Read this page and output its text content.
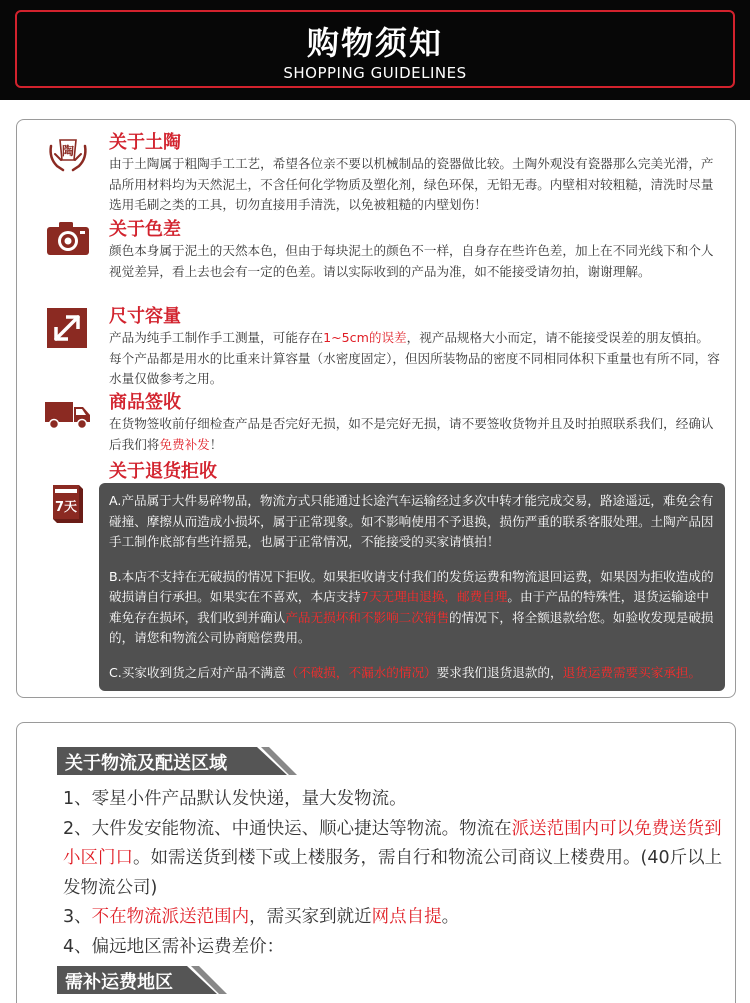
购物须知
SHOPPING GUIDELINES
陶 关于土陶
由于土陶属于粗陶手工工艺，希望各位亲不要以机械制品的瓷器做比较。土陶外观没有瓷器那么完美光滑，产品所用材料均为天然泥土，不含任何化学物质及塑化剂，绿色环保，无铅无毒。内壁相对较粗糙，清洗时尽量选用毛刷之类的工具，切勿直接用手清洗，以免被粗糙的内壁划伤！
关于色差
颜色本身属于泥土的天然本色，但由于每块泥土的颜色不一样，自身存在些许色差，加上在不同光线下和个人视觉差异，看上去也会有一定的色差。请以实际收到的产品为准，如不能接受请勿拍，谢谢理解。
尺寸容量
产品为纯手工制作手工测量，可能存在1~5cm的误差，视产品规格大小而定，请不能接受误差的朋友慎拍。每个产品都是用水的比重来计算容量（水密度固定），但因所装物品的密度不同相同体积下重量也有所不同，容水量仅做参考之用。
商品签收
在货物签收前仔细检查产品是否完好无损，如不是完好无损，请不要签收货物并且及时拍照联系我们，经确认后我们将免费补发！
7天
关于退货拒收

A.产品属于大件易碎物品，物流方式只能通过长途汽车运输经过多次中转才能完成交易，路途遥远，难免会有碰撞、摩擦从而造成小损坏，属于正常现象。如不影响使用不予退换，损伤严重的联系客服处理。土陶产品因手工制作底部有些许摇晃，也属于正常情况，不能接受的买家请慎拍！

B.本店不支持在无破损的情况下拒收。如果拒收请支付我们的发货运费和物流退回运费，如果因为拒收造成的破损请自行承担。如果实在不喜欢，本店支持7天无理由退换，邮费自理。由于产品的特殊性，退货运输途中难免存在损坏，我们收到并确认产品无损坏和不影响二次销售的情况下，将全额退款给您。如验收发现是破损的，请您和物流公司协商赔偿费用。

C.买家收到货之后对产品不满意（不破损，不漏水的情况）要求我们退货退款的，退货运费需要买家承担。

关于物流及配送区域
1、零星小件产品默认发快递，量大发物流。
2、大件发安能物流、中通快运、顺心捷达等物流。物流在派送范围内可以免费送货到小区门口。如需送货到楼下或上楼服务，需自行和物流公司商议上楼费用。(40斤以上发物流公司)
3、不在物流派送范围内，需买家到就近网点自提。
4、偏远地区需补运费差价：
需补运费地区
